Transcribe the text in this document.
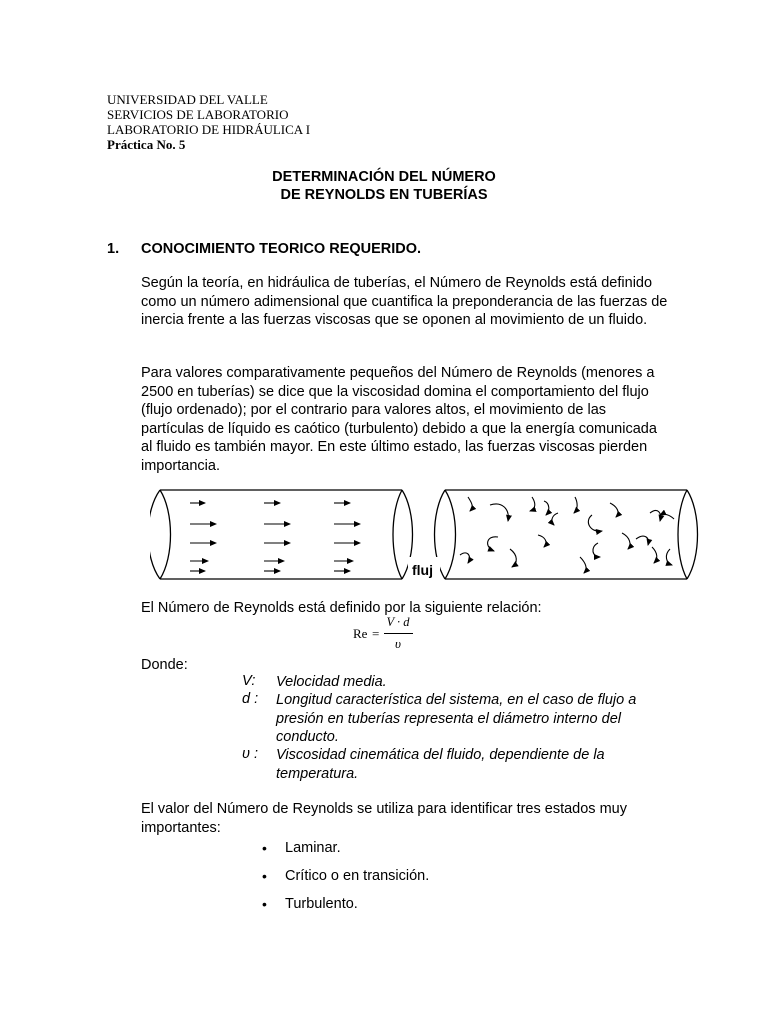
UNIVERSIDAD DEL VALLE
SERVICIOS DE LABORATORIO
LABORATORIO DE HIDRÁULICA I
Práctica No. 5
DETERMINACIÓN DEL NÚMERO
DE REYNOLDS EN TUBERÍAS
1. CONOCIMIENTO TEORICO REQUERIDO.

Según la teoría, en hidráulica de tuberías, el Número de Reynolds está definido como un número adimensional que cuantifica la preponderancia de las fuerzas de inercia frente a las fuerzas viscosas que se oponen al movimiento de un fluido.

Para valores comparativamente pequeños del Número de Reynolds (menores a 2500 en tuberías) se dice que la viscosidad domina el comportamiento del flujo (flujo ordenado); por el contrario para valores altos, el movimiento de las partículas de líquido es caótico (turbulento) debido a que la energía comunicada al fluido es también mayor. En este último estado, las fuerzas viscosas pierden importancia.

fluj
El Número de Reynolds está definido por la siguiente relación:
Re =
V · d
υ
Donde:
V: Velocidad media.
d : Longitud característica del sistema, en el caso de flujo a presión en tuberías representa el diámetro interno del conducto.
υ : Viscosidad cinemática del fluido, dependiente de la temperatura.
El valor del Número de Reynolds se utiliza para identificar tres estados muy importantes:
• Laminar.
• Crítico o en transición.
• Turbulento.
